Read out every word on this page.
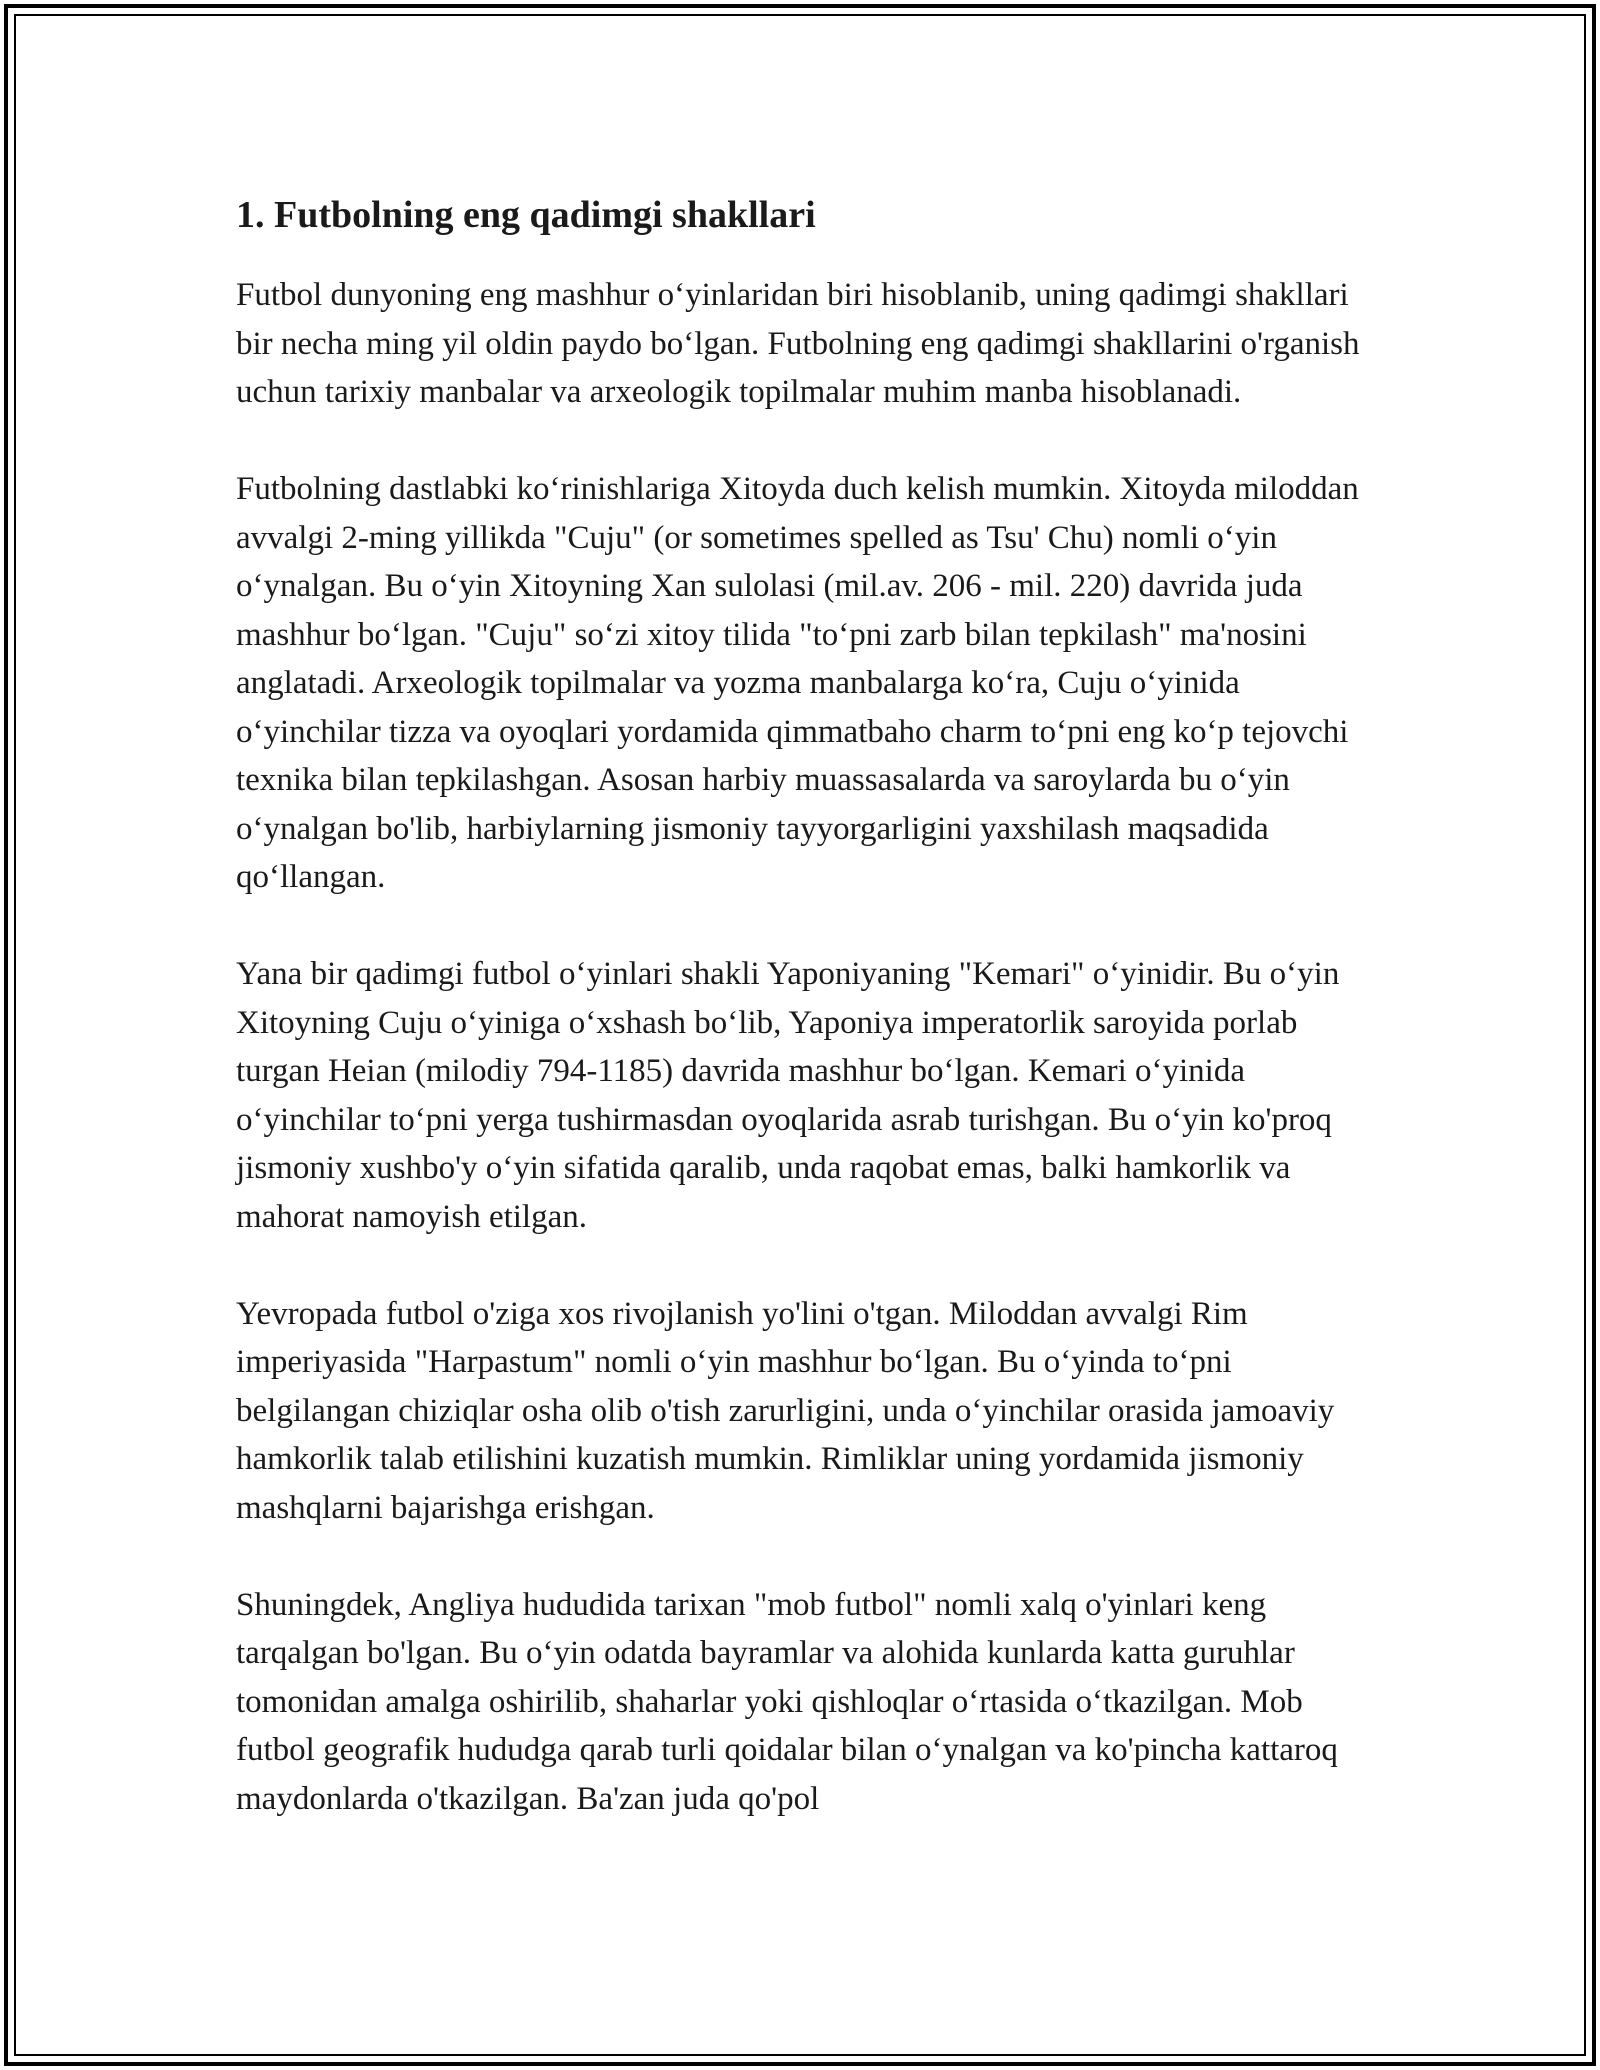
1. Futbolning eng qadimgi shakllari

Futbol dunyoning eng mashhur oʻyinlaridan biri hisoblanib, uning qadimgi shakllari bir necha ming yil oldin paydo boʻlgan. Futbolning eng qadimgi shakllarini o'rganish uchun tarixiy manbalar va arxeologik topilmalar muhim manba hisoblanadi.

Futbolning dastlabki koʻrinishlariga Xitoyda duch kelish mumkin. Xitoyda miloddan avvalgi 2-ming yillikda "Cuju" (or sometimes spelled as Tsu' Chu) nomli oʻyin oʻynalgan. Bu oʻyin Xitoyning Xan sulolasi (mil.av. 206 - mil. 220) davrida juda mashhur boʻlgan. "Cuju" soʻzi xitoy tilida "toʻpni zarb bilan tepkilash" ma'nosini anglatadi. Arxeologik topilmalar va yozma manbalarga koʻra, Cuju oʻyinida oʻyinchilar tizza va oyoqlari yordamida qimmatbaho charm toʻpni eng koʻp tejovchi texnika bilan tepkilashgan. Asosan harbiy muassasalarda va saroylarda bu oʻyin oʻynalgan bo'lib, harbiylarning jismoniy tayyorgarligini yaxshilash maqsadida qoʻllangan.

Yana bir qadimgi futbol oʻyinlari shakli Yaponiyaning "Kemari" oʻyinidir. Bu oʻyin Xitoyning Cuju oʻyiniga oʻxshash boʻlib, Yaponiya imperatorlik saroyida porlab turgan Heian (milodiy 794-1185) davrida mashhur boʻlgan. Kemari oʻyinida oʻyinchilar toʻpni yerga tushirmasdan oyoqlarida asrab turishgan. Bu oʻyin ko'proq jismoniy xushbo'y oʻyin sifatida qaralib, unda raqobat emas, balki hamkorlik va mahorat namoyish etilgan.

Yevropada futbol o'ziga xos rivojlanish yo'lini o'tgan. Miloddan avvalgi Rim imperiyasida "Harpastum" nomli oʻyin mashhur boʻlgan. Bu oʻyinda toʻpni belgilangan chiziqlar osha olib o'tish zarurligini, unda oʻyinchilar orasida jamoaviy hamkorlik talab etilishini kuzatish mumkin. Rimliklar uning yordamida jismoniy mashqlarni bajarishga erishgan.

Shuningdek, Angliya hududida tarixan "mob futbol" nomli xalq o'yinlari keng tarqalgan bo'lgan. Bu oʻyin odatda bayramlar va alohida kunlarda katta guruhlar tomonidan amalga oshirilib, shaharlar yoki qishloqlar oʻrtasida oʻtkazilgan. Mob futbol geografik hududga qarab turli qoidalar bilan oʻynalgan va ko'pincha kattaroq maydonlarda o'tkazilgan. Ba'zan juda qo'pol
